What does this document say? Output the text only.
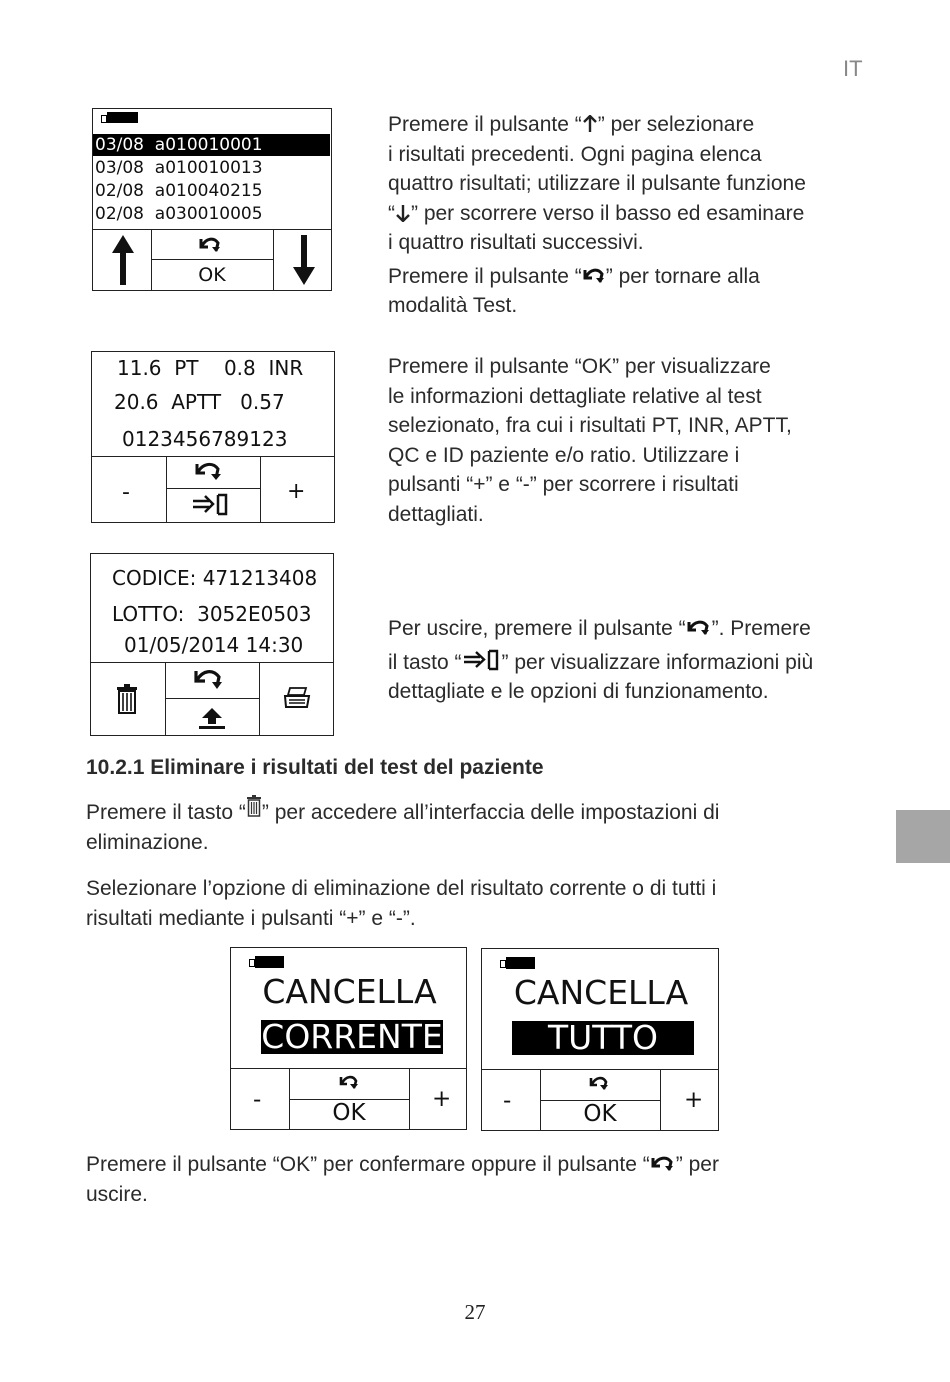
IT
03/08  a010010001
03/08  a010010013
02/08  a010040215
02/08  a030010005
OK

Premere il pulsante “ ” per selezionare

i risultati precedenti. Ogni pagina elenca

quattro risultati; utilizzare il pulsante funzione

“ ” per scorrere verso il basso ed esaminare

i quattro risultati successivi.

Premere il pulsante “ ” per tornare alla

modalità Test.

11.6  PT    0.8  INR
20.6  APTT   0.57
0123456789123
-	+

Premere il pulsante “OK” per visualizzare

le informazioni dettagliate relative al test

selezionato, fra cui i risultati PT, INR, APTT,

QC e ID paziente e/o ratio. Utilizzare i

pulsanti “+” e “-” per scorrere i risultati

dettagliati.

CODICE: 471213408
LOTTO:  3052E0503
01/05/2014 14:30

Per uscire, premere il pulsante “ ”. Premere

il tasto “ ” per visualizzare informazioni più

dettagliate e le opzioni di funzionamento.

10.2.1 Eliminare i risultati del test del paziente

Premere il tasto “ ” per accedere all’interfaccia delle impostazioni di

eliminazione.

Selezionare l’opzione di eliminazione del risultato corrente o di tutti i

risultati mediante i pulsanti “+” e “-”.

CANCELLA
CORRENTE
-	OK
+
CANCELLA
TUTTO
-	OK
+

Premere il pulsante “OK” per confermare oppure il pulsante “ ” per

uscire.

27
